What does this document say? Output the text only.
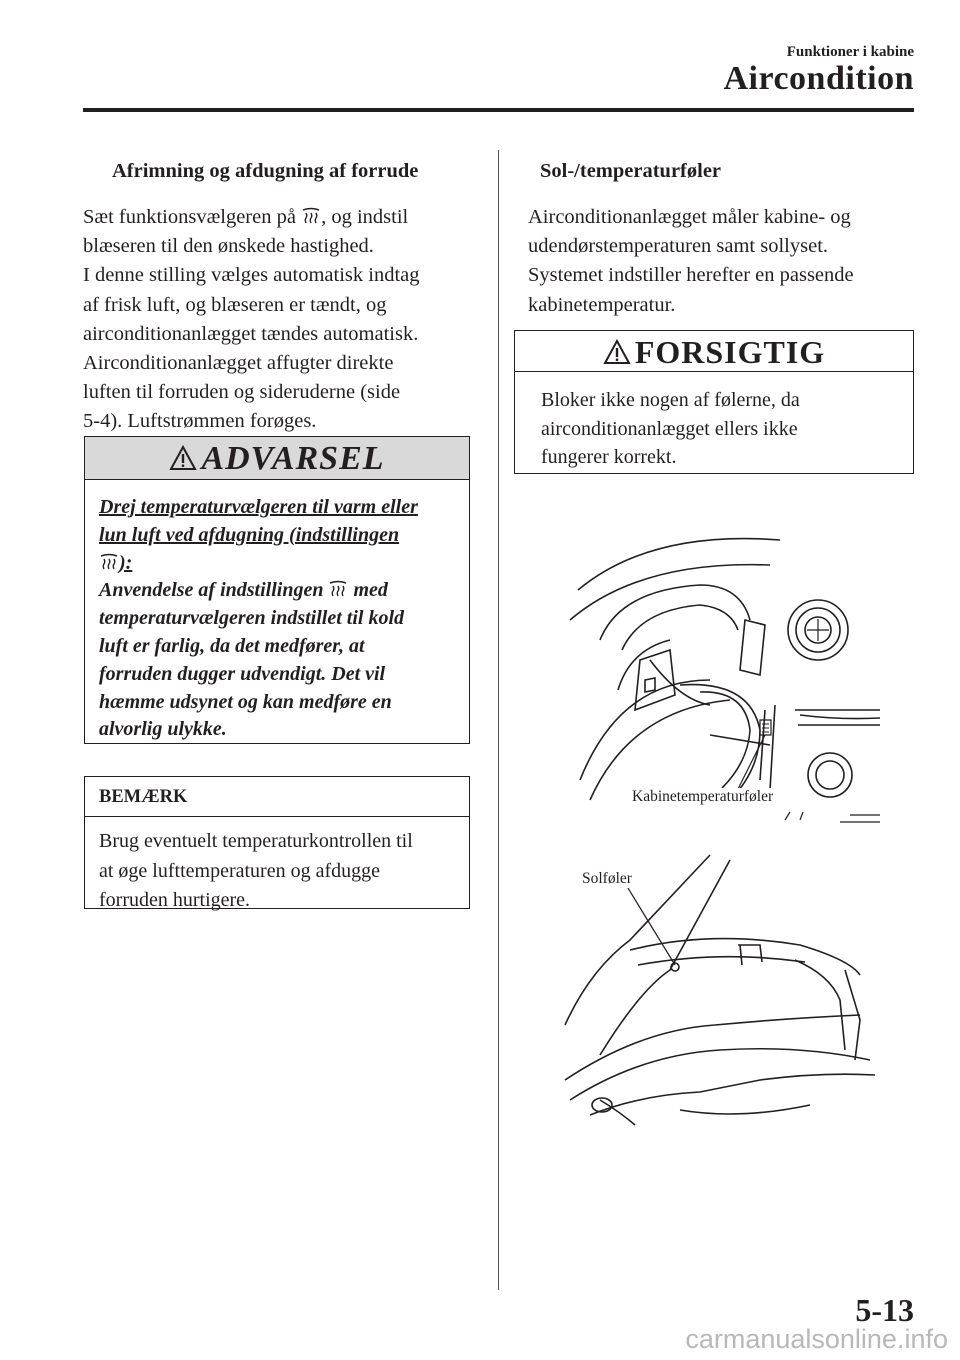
Funktioner i kabine
Aircondition
Afrimning og afdugning af forrude

Sæt funktionsvælgeren på
, og indstil

blæseren til den ønskede hastighed.

I denne stilling vælges automatisk indtag

af frisk luft, og blæseren er tændt, og

airconditionanlægget tændes automatisk.

Airconditionanlægget affugter direkte

luften til forruden og sideruderne (side

5-4). Luftstrømmen forøges.

ADVARSEL
Drej temperaturvælgeren til varm eller
lun luft ved afdugning (indstillingen
):
Anvendelse af indstillingen
med
temperaturvælgeren indstillet til kold
luft er farlig, da det medfører, at
forruden dugger udvendigt. Det vil
hæmme udsynet og kan medføre en
alvorlig ulykke.
BEMÆRK
Brug eventuelt temperaturkontrollen til
at øge lufttemperaturen og afdugge
forruden hurtigere.
Sol-/temperaturføler

Airconditionanlægget måler kabine- og

udendørstemperaturen samt sollyset.

Systemet indstiller herefter en passende

kabinetemperatur.

FORSIGTIG
Bloker ikke nogen af følerne, da
airconditionanlægget ellers ikke
fungerer korrekt.
Kabinetemperaturføler
Solføler
5-13
carmanualsonline.info
